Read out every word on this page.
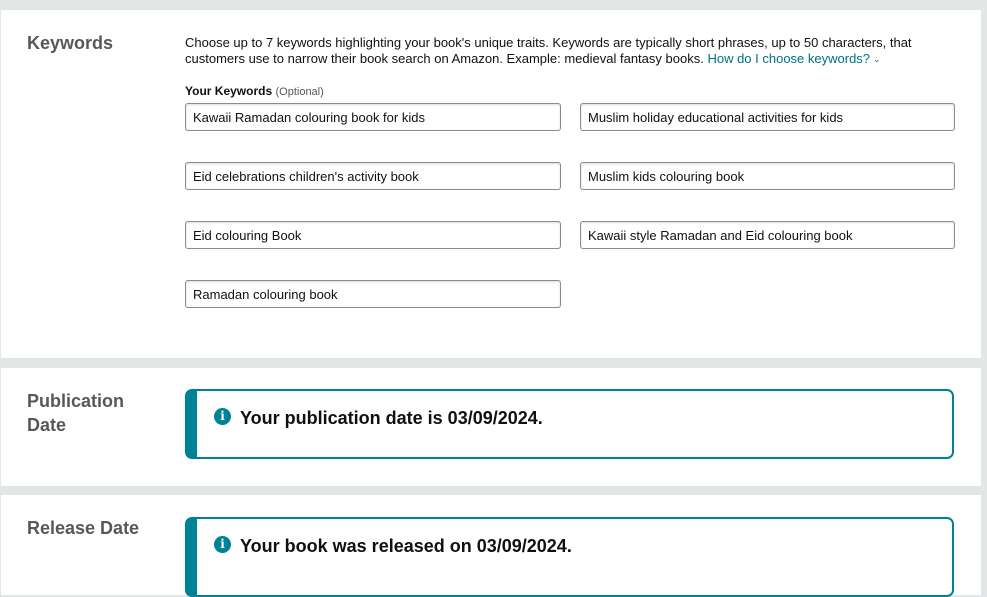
Keywords	Choose up to 7 keywords highlighting your book's unique traits. Keywords are typically short phrases, up to 50 characters, that customers use to narrow their book search on Amazon. Example: medieval fantasy books. How do I choose keywords? ⌄
Your Keywords (Optional)
Kawaii Ramadan colouring book for kids
Muslim holiday educational activities for kids
Eid celebrations children's activity book
Muslim kids colouring book
Eid colouring Book
Kawaii style Ramadan and Eid colouring book
Ramadan colouring book
Publication Date	i Your publication date is 03/09/2024.
Release Date
i Your book was released on 03/09/2024.
